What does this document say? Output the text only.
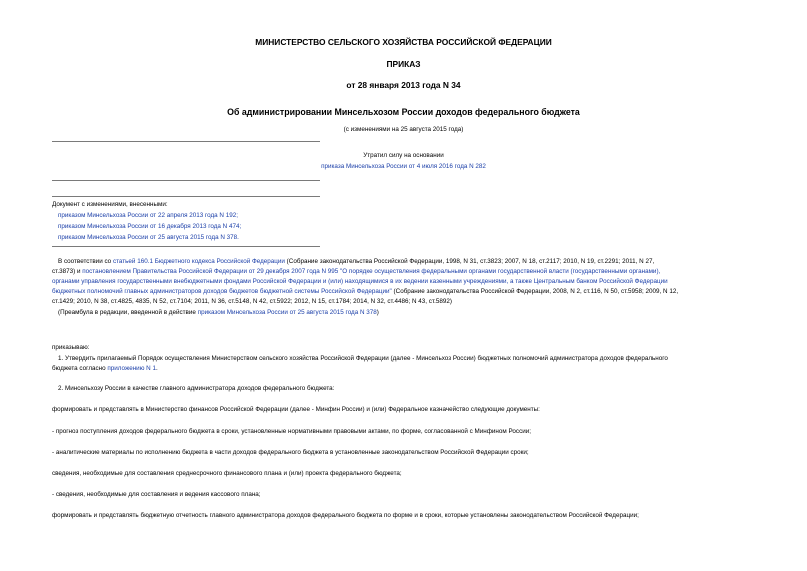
МИНИСТЕРСТВО СЕЛЬСКОГО ХОЗЯЙСТВА РОССИЙСКОЙ ФЕДЕРАЦИИ
ПРИКАЗ
от 28 января 2013 года N 34
Об администрировании Минсельхозом России доходов федерального бюджета
(с изменениями на 25 августа 2015 года)
Утратил силу на основании
приказа Минсельхоза России от 4 июля 2016 года N 282
Документ с изменениями, внесенными:
приказом Минсельхоза России от 22 апреля 2013 года N 192;
приказом Минсельхоза России от 16 декабря 2013 года N 474;
приказом Минсельхоза России от 25 августа 2015 года N 378.
В соответствии со статьей 160.1 Бюджетного кодекса Российской Федерации (Собрание законодательства Российской Федерации, 1998, N 31, ст.3823; 2007, N 18, ст.2117; 2010, N 19, ст.2291; 2011, N 27,
ст.3873) и постановлением Правительства Российской Федерации от 29 декабря 2007 года N 995 "О порядке осуществления федеральными органами государственной власти (государственными органами),
органами управления государственными внебюджетными фондами Российской Федерации и (или) находящимися в их ведении казенными учреждениями, а также Центральным банком Российской Федерации
бюджетных полномочий главных администраторов доходов бюджетов бюджетной системы Российской Федерации" (Собрание законодательства Российской Федерации, 2008, N 2, ст.116, N 50, ст.5958; 2009, N 12,
ст.1429; 2010, N 38, ст.4825, 4835, N 52, ст.7104; 2011, N 36, ст.5148, N 42, ст.5922; 2012, N 15, ст.1784; 2014, N 32, ст.4486; N 43, ст.5892)
(Преамбула в редакции, введенной в действие приказом Минсельхоза России от 25 августа 2015 года N 378)
приказываю:
1. Утвердить прилагаемый Порядок осуществления Министерством сельского хозяйства Российской Федерации (далее - Минсельхоз России) бюджетных полномочий администратора доходов федерального
бюджета согласно приложению N 1.
2. Минсельхозу России в качестве главного администратора доходов федерального бюджета:
формировать и представлять в Министерство финансов Российской Федерации (далее - Минфин России) и (или) Федеральное казначейство следующие документы:
- прогноз поступления доходов федерального бюджета в сроки, установленные нормативными правовыми актами, по форме, согласованной с Минфином России;
- аналитические материалы по исполнению бюджета в части доходов федерального бюджета в установленные законодательством Российской Федерации сроки;
сведения, необходимые для составления среднесрочного финансового плана и (или) проекта федерального бюджета;
- сведения, необходимые для составления и ведения кассового плана;
формировать и представлять бюджетную отчетность главного администратора доходов федерального бюджета по форме и в сроки, которые установлены законодательством Российской Федерации;
